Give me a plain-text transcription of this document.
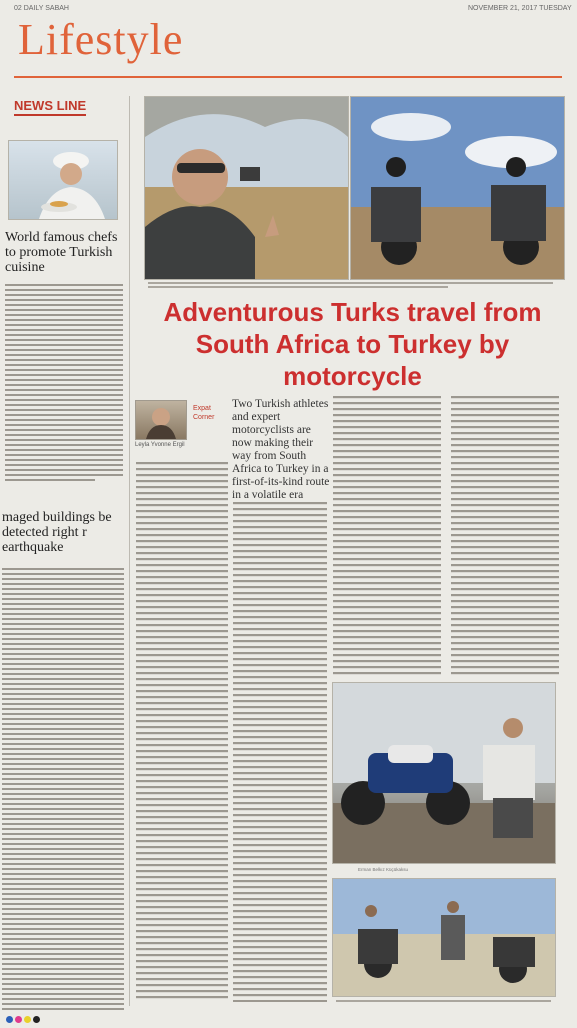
02 DAILY SABAH	NOVEMBER 21, 2017 TUESDAY
Lifestyle
NEWS LINE
World famous chefs to promote Turkish cuisine
maged buildings be detected right r earthquake
Adventurous Turks travel from South Africa to Turkey by motorcycle
Expat
Corner
Leyla Yvonne Ergil
Two Turkish athletes and expert motorcyclists are now making their way from South Africa to Turkey in a first-of-its-kind route in a volatile era
Erman Belkız Küçükaksu
